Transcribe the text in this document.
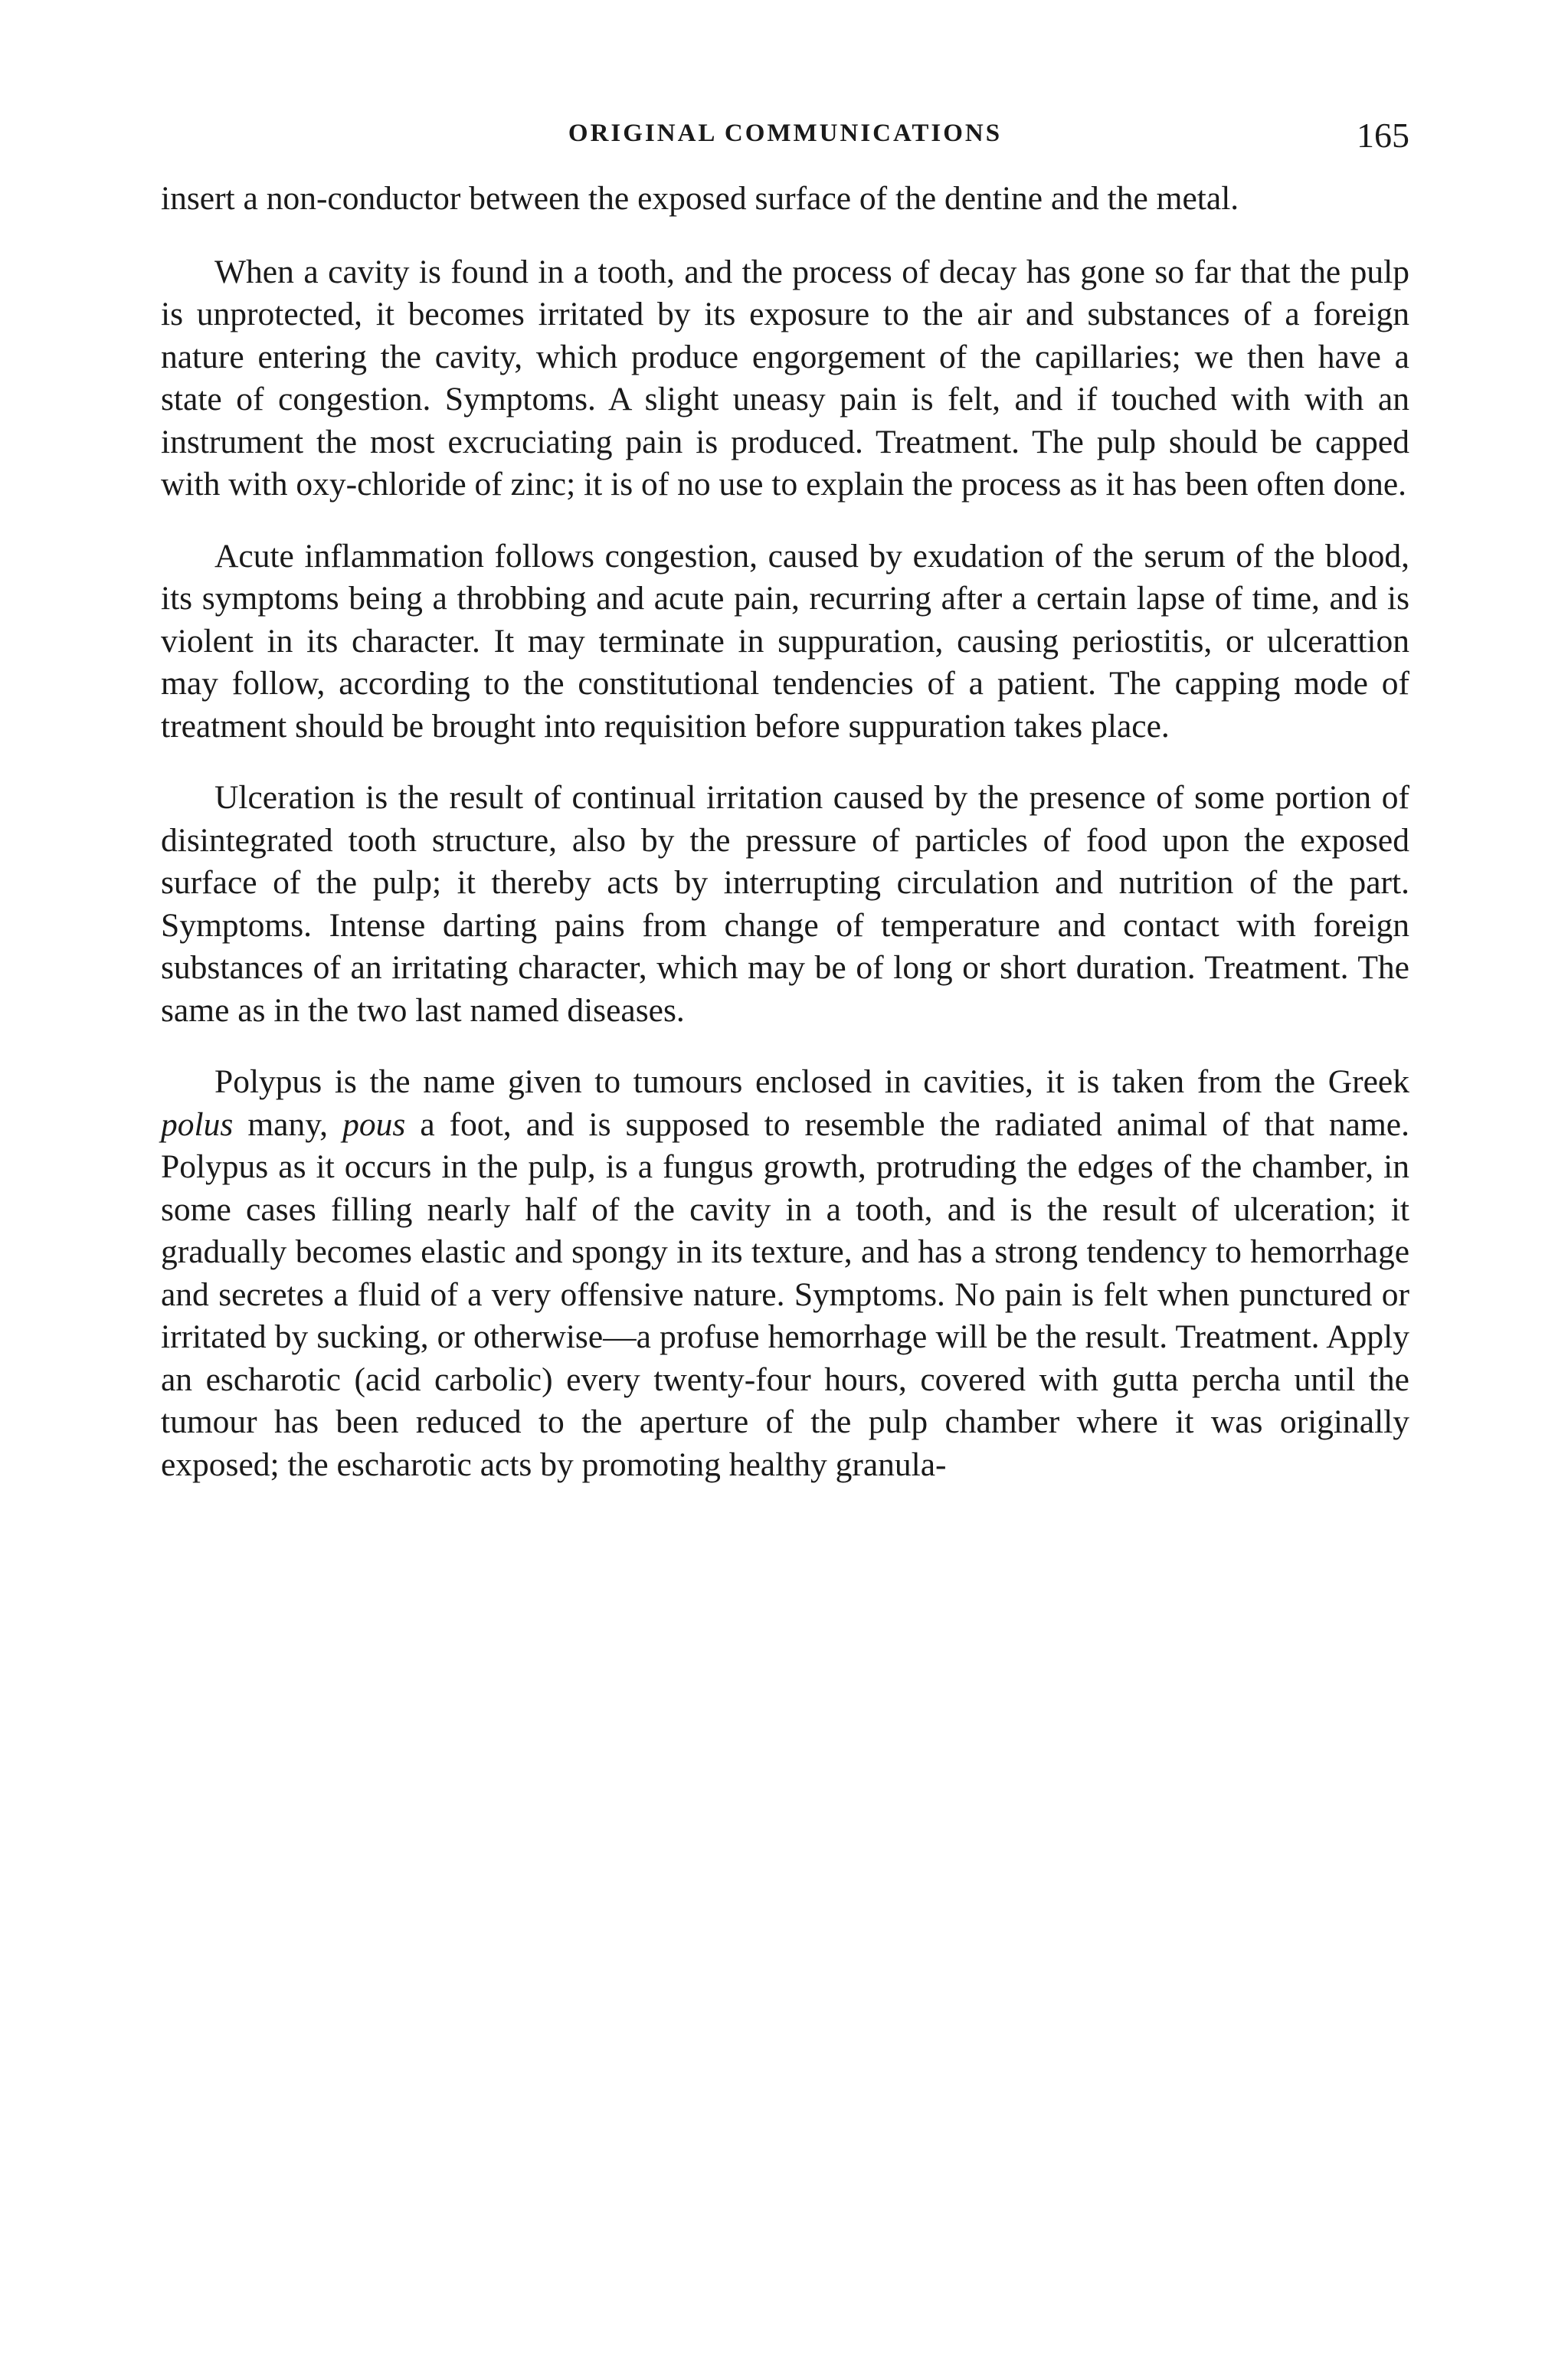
ORIGINAL COMMUNICATIONS	165

insert a non-conductor between the exposed surface of the dentine and the metal.

When a cavity is found in a tooth, and the process of decay has gone so far that the pulp is unprotected, it becomes irritated by its exposure to the air and substances of a foreign nature entering the cavity, which produce engorgement of the capillaries; we then have a state of congestion. Symptoms. A slight uneasy pain is felt, and if touched with with an instrument the most excruciating pain is produced. Treatment. The pulp should be capped with with oxy-chloride of zinc; it is of no use to explain the process as it has been often done.

Acute inflammation follows congestion, caused by exudation of the serum of the blood, its symptoms being a throbbing and acute pain, recurring after a certain lapse of time, and is violent in its character. It may terminate in suppuration, causing periostitis, or ulcerattion may follow, according to the constitutional tendencies of a patient. The capping mode of treatment should be brought into requisition before suppuration takes place.

Ulceration is the result of continual irritation caused by the presence of some portion of disintegrated tooth structure, also by the pressure of particles of food upon the exposed surface of the pulp; it thereby acts by interrupting circulation and nutrition of the part. Symptoms. Intense darting pains from change of temperature and contact with foreign substances of an irritating character, which may be of long or short duration. Treatment. The same as in the two last named diseases.

Polypus is the name given to tumours enclosed in cavities, it is taken from the Greek polus many, pous a foot, and is supposed to resemble the radiated animal of that name. Polypus as it occurs in the pulp, is a fungus growth, protruding the edges of the chamber, in some cases filling nearly half of the cavity in a tooth, and is the result of ulceration; it gradually becomes elastic and spongy in its texture, and has a strong tendency to hemorrhage and secretes a fluid of a very offensive nature. Symptoms. No pain is felt when punctured or irritated by sucking, or otherwise—a profuse hemorrhage will be the result. Treatment. Apply an escharotic (acid carbolic) every twenty-four hours, covered with gutta percha until the tumour has been reduced to the aperture of the pulp chamber where it was originally exposed; the escharotic acts by promoting healthy granula-
